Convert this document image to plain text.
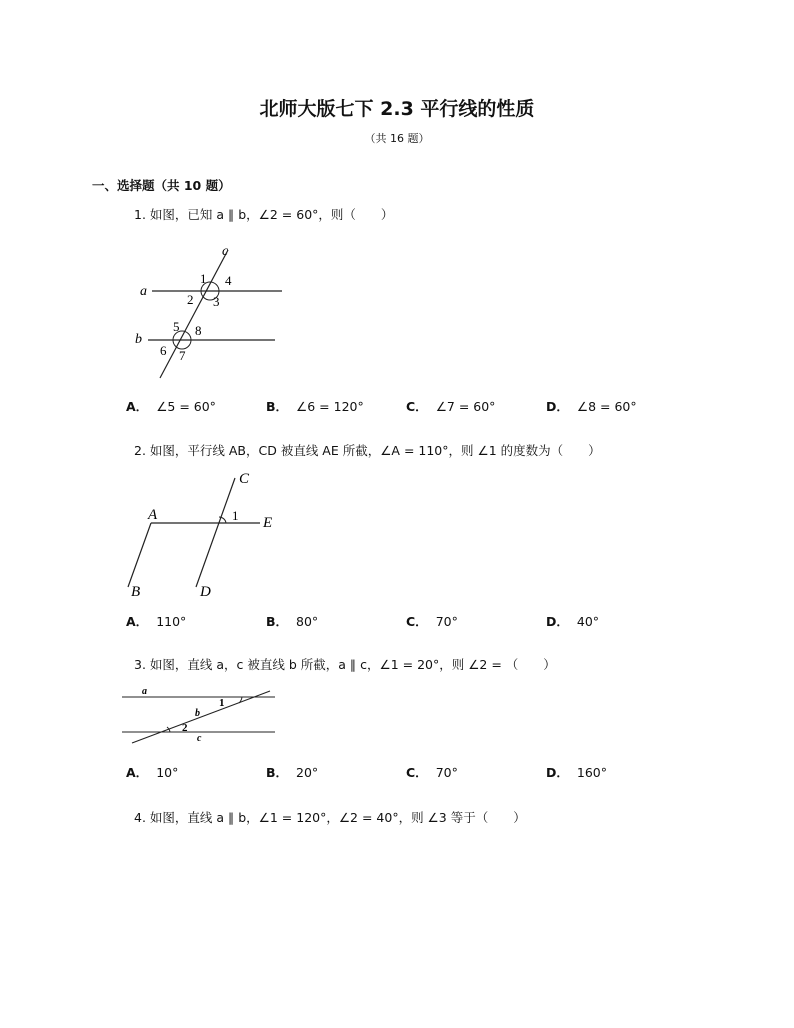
北师大版七下 2.3 平行线的性质
（共 16 题）
一、选择题（共 10 题）
1. 如图，已知 a ∥ b，∠2 = 60°，则（　　）
a
b
c
1 4
2 3
5 8
6 7
A． ∠5 = 60°	B． ∠6 = 120°	C． ∠7 = 60°	D． ∠8 = 60°
2. 如图，平行线 AB，CD 被直线 AE 所截，∠A = 110°，则 ∠1 的度数为（　　）
A
B
C
D
E
1
A． 110°	B． 80°	C． 70°	D． 40°
3. 如图，直线 a，c 被直线 b 所截，a ∥ c，∠1 = 20°，则 ∠2 = （　　）
a
b
c
1
2
A． 10°	B． 20°	C． 70°	D． 160°
4. 如图，直线 a ∥ b，∠1 = 120°，∠2 = 40°，则 ∠3 等于（　　）
